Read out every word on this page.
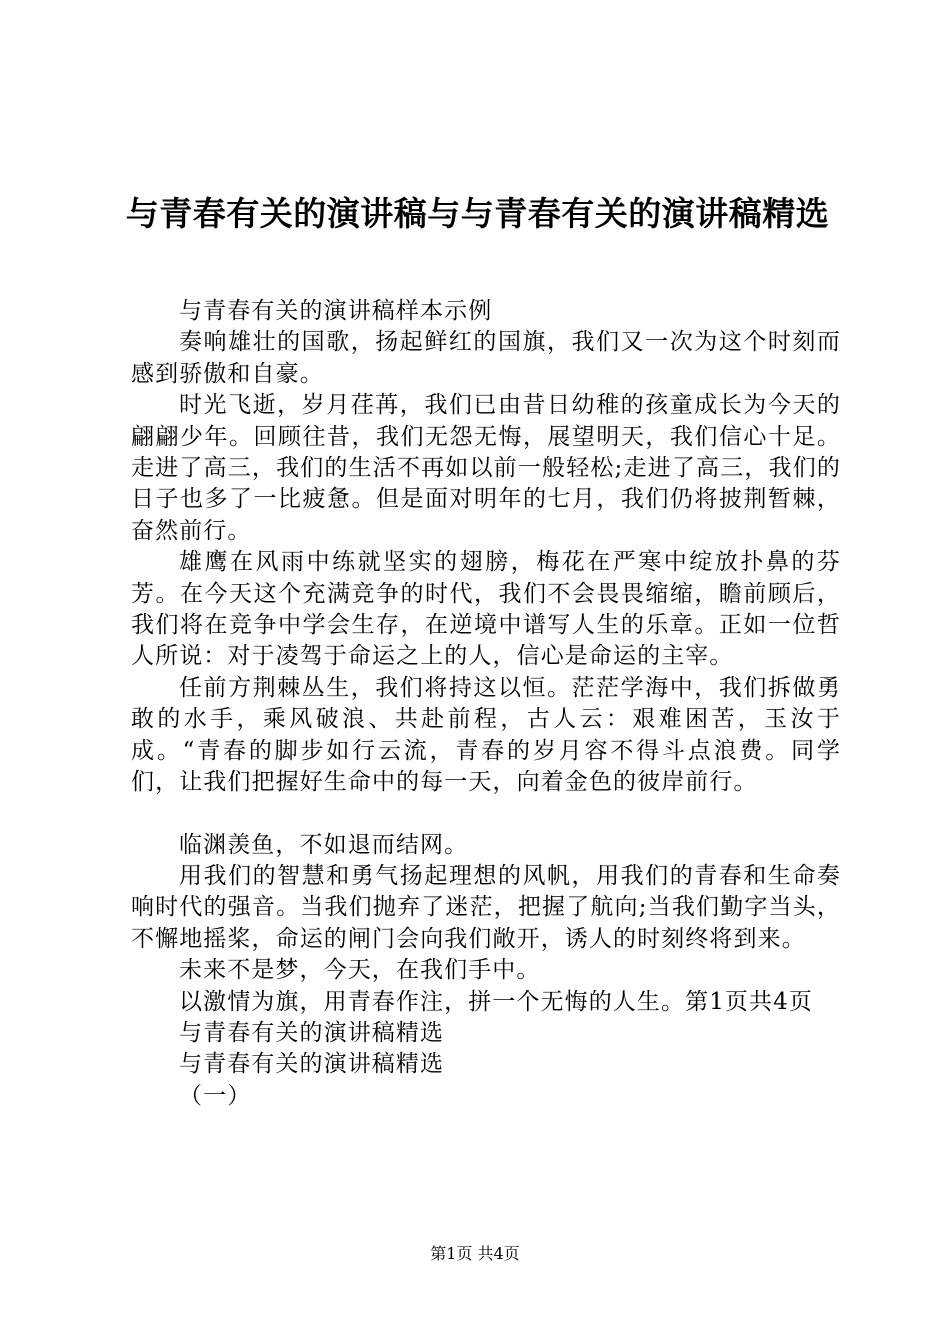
与青春有关的演讲稿与与青春有关的演讲稿精选

与青春有关的演讲稿样本示例

奏响雄壮的国歌，扬起鲜红的国旗，我们又一次为这个时刻而感到骄傲和自豪。

时光飞逝，岁月荏苒，我们已由昔日幼稚的孩童成长为今天的翩翩少年。回顾往昔，我们无怨无悔，展望明天，我们信心十足。走进了高三，我们的生活不再如以前一般轻松;走进了高三，我们的日子也多了一比疲惫。但是面对明年的七月，我们仍将披荆暂棘，奋然前行。

雄鹰在风雨中练就坚实的翅膀，梅花在严寒中绽放扑鼻的芬芳。在今天这个充满竞争的时代，我们不会畏畏缩缩，瞻前顾后，我们将在竞争中学会生存，在逆境中谱写人生的乐章。正如一位哲人所说：对于凌驾于命运之上的人，信心是命运的主宰。

任前方荆棘丛生，我们将持这以恒。茫茫学海中，我们拆做勇敢的水手，乘风破浪、共赴前程，古人云：艰难困苦，玉汝于成。“青春的脚步如行云流，青春的岁月容不得斗点浪费。同学们，让我们把握好生命中的每一天，向着金色的彼岸前行。

临渊羡鱼，不如退而结网。

用我们的智慧和勇气扬起理想的风帆，用我们的青春和生命奏响时代的强音。当我们抛弃了迷茫，把握了航向;当我们勤字当头，不懈地摇桨，命运的闸门会向我们敞开，诱人的时刻终将到来。

未来不是梦，今天，在我们手中。

以激情为旗，用青春作注，拼一个无悔的人生。第1页共4页

与青春有关的演讲稿精选

与青春有关的演讲稿精选

（一）

第1页 共4页
